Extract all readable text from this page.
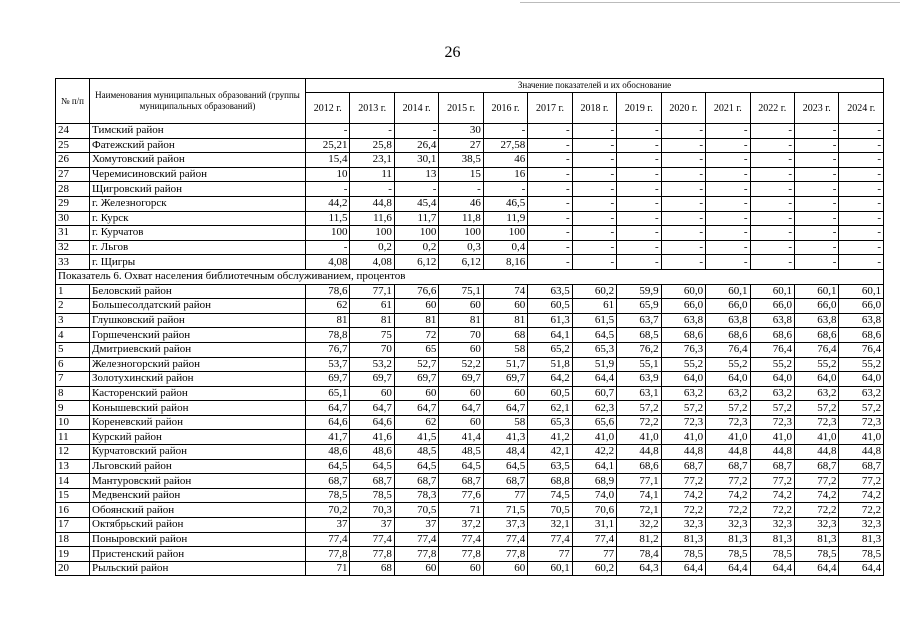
26
№ п/п	Наименования муниципальных образований (группы муниципальных образований)	Значение показателей и их обоснование												
		2012 г.	2013 г.	2014 г.	2015 г.	2016 г.	2017 г.	2018 г.	2019 г.	2020 г.	2021 г.	2022 г.	2023 г.	2024 г.
24	Тимский район	-	-	-	30	-	-	-	-	-	-	-	-	-
25	Фатежский район	25,21	25,8	26,4	27	27,58	-	-	-	-	-	-	-	-
26	Хомутовский район	15,4	23,1	30,1	38,5	46	-	-	-	-	-	-	-	-
27	Черемисиновский район	10	11	13	15	16	-	-	-	-	-	-	-	-
28	Щигровский район	-	-	-	-	-	-	-	-	-	-	-	-	-
29	г. Железногорск	44,2	44,8	45,4	46	46,5	-	-	-	-	-	-	-	-
30	г. Курск	11,5	11,6	11,7	11,8	11,9	-	-	-	-	-	-	-	-
31	г. Курчатов	100	100	100	100	100	-	-	-	-	-	-	-	-
32	г. Льгов	-	0,2	0,2	0,3	0,4	-	-	-	-	-	-	-	-
33	г. Щигры	4,08	4,08	6,12	6,12	8,16	-	-	-	-	-	-	-	-
Показатель 6. Охват населения библиотечным обслуживанием, процентов														
1	Беловский район	78,6	77,1	76,6	75,1	74	63,5	60,2	59,9	60,0	60,1	60,1	60,1	60,1
2	Большесолдатский район	62	61	60	60	60	60,5	61	65,9	66,0	66,0	66,0	66,0	66,0
3	Глушковский район	81	81	81	81	81	61,3	61,5	63,7	63,8	63,8	63,8	63,8	63,8
4	Горшеченский район	78,8	75	72	70	68	64,1	64,5	68,5	68,6	68,6	68,6	68,6	68,6
5	Дмитриевский район	76,7	70	65	60	58	65,2	65,3	76,2	76,3	76,4	76,4	76,4	76,4
6	Железногорский район	53,7	53,2	52,7	52,2	51,7	51,8	51,9	55,1	55,2	55,2	55,2	55,2	55,2
7	Золотухинский район	69,7	69,7	69,7	69,7	69,7	64,2	64,4	63,9	64,0	64,0	64,0	64,0	64,0
8	Касторенский район	65,1	60	60	60	60	60,5	60,7	63,1	63,2	63,2	63,2	63,2	63,2
9	Конышевский район	64,7	64,7	64,7	64,7	64,7	62,1	62,3	57,2	57,2	57,2	57,2	57,2	57,2
10	Кореневский район	64,6	64,6	62	60	58	65,3	65,6	72,2	72,3	72,3	72,3	72,3	72,3
11	Курский район	41,7	41,6	41,5	41,4	41,3	41,2	41,0	41,0	41,0	41,0	41,0	41,0	41,0
12	Курчатовский район	48,6	48,6	48,5	48,5	48,4	42,1	42,2	44,8	44,8	44,8	44,8	44,8	44,8
13	Льговский район	64,5	64,5	64,5	64,5	64,5	63,5	64,1	68,6	68,7	68,7	68,7	68,7	68,7
14	Мантуровский район	68,7	68,7	68,7	68,7	68,7	68,8	68,9	77,1	77,2	77,2	77,2	77,2	77,2
15	Медвенский район	78,5	78,5	78,3	77,6	77	74,5	74,0	74,1	74,2	74,2	74,2	74,2	74,2
16	Обоянский район	70,2	70,3	70,5	71	71,5	70,5	70,6	72,1	72,2	72,2	72,2	72,2	72,2
17	Октябрьский район	37	37	37	37,2	37,3	32,1	31,1	32,2	32,3	32,3	32,3	32,3	32,3
18	Поныровский район	77,4	77,4	77,4	77,4	77,4	77,4	77,4	81,2	81,3	81,3	81,3	81,3	81,3
19	Пристенский район	77,8	77,8	77,8	77,8	77,8	77	77	78,4	78,5	78,5	78,5	78,5	78,5
20	Рыльский район	71	68	60	60	60	60,1	60,2	64,3	64,4	64,4	64,4	64,4	64,4
